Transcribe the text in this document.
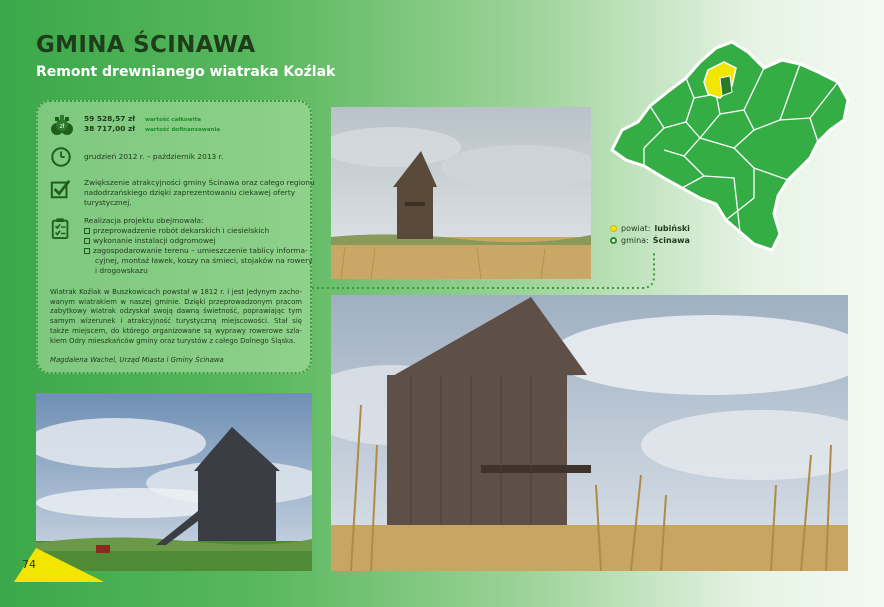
GMINA ŚCINAWA
Remont drewnianego wiatraka Koźlak
zł
59 528,57 zł wartość całkowita
38 717,00 zł wartość dofinansowania
grudzień 2012 r. – październik 2013 r.
Zwiększenie atrakcyjności gminy Ścinawa oraz całego regionu
nadodrzańskiego dzięki zaprezentowaniu ciekawej oferty
turystycznej.
Realizacja projektu obejmowała:
przeprowadzenie robót dekarskich i ciesielskich
wykonanie instalacji odgromowej
zagospodarowanie terenu – umieszczenie tablicy informa-
cyjnej, montaż ławek, koszy na śmieci, stojaków na rowery
i drogowskazu
Wiatrak Koźlak w Buszkowicach powstał w 1812 r. i jest jedynym zacho-wanym wiatrakiem w naszej gminie. Dzięki przeprowadzonym pracom zabytkowy wiatrak odzyskał swoją dawną świetność, poprawiając tym samym wizerunek i atrakcyjność turystyczną miejscowości. Stał się także miejscem, do którego organizowane są wyprawy rowerowe szla-kiem Odry mieszkańców gminy oraz turystów z całego Dolnego Śląska.
Magdalena Wachel, Urząd Miasta i Gminy Ścinawa
powiat: lubiński
gmina: Ścinawa
74
